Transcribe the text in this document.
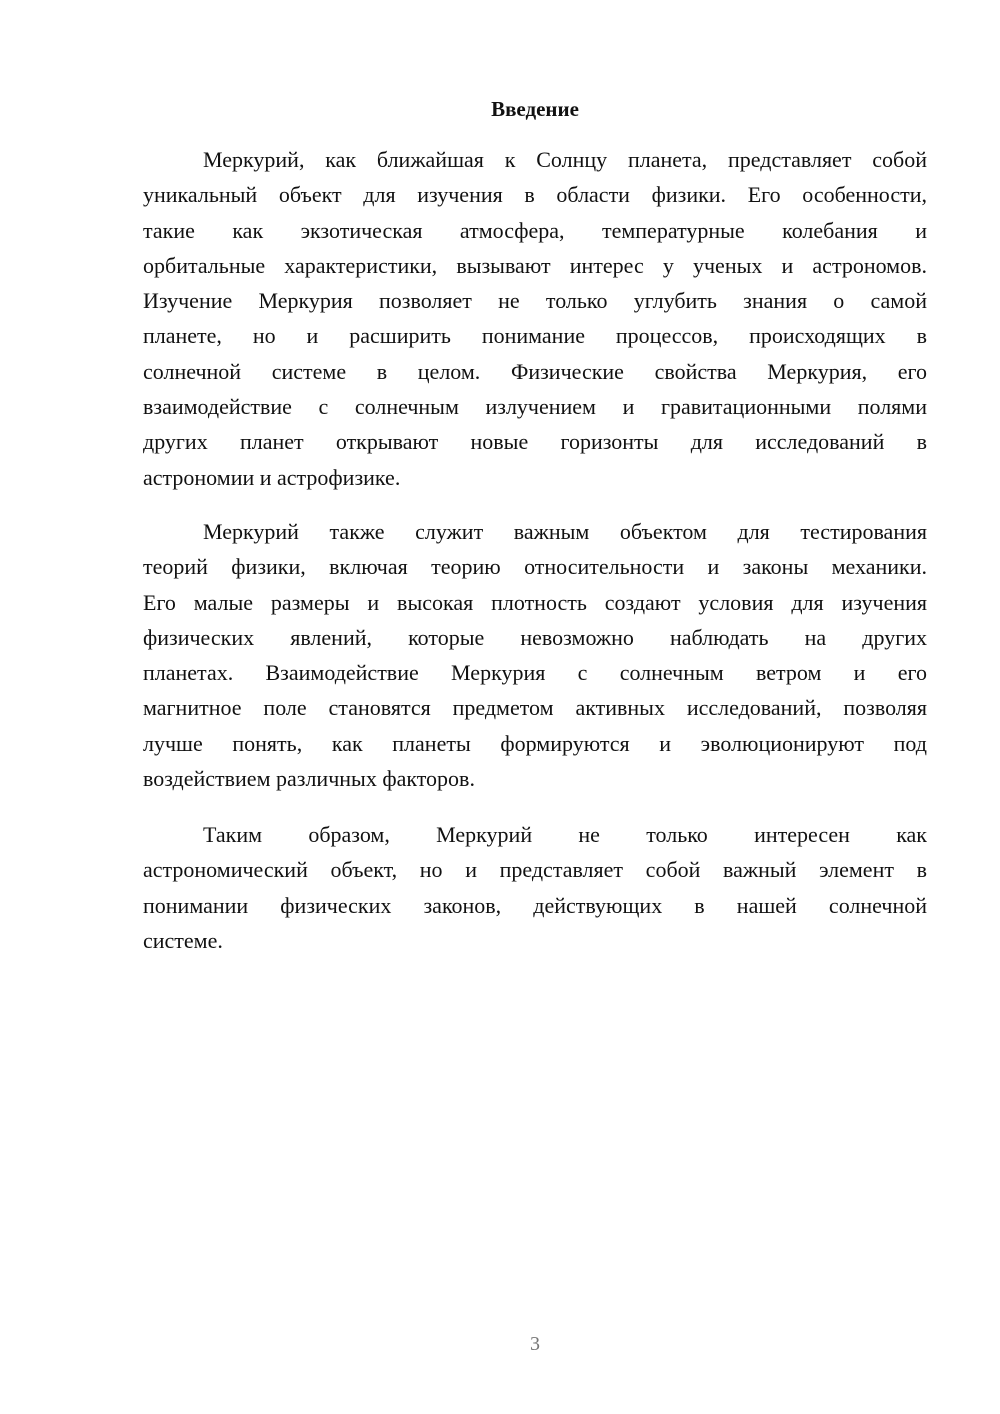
Введение
Меркурий, как ближайшая к Солнцу планета, представляет собой
уникальный объект для изучения в области физики. Его особенности,
такие как экзотическая атмосфера, температурные колебания и
орбитальные характеристики, вызывают интерес у ученых и астрономов.
Изучение Меркурия позволяет не только углубить знания о самой
планете, но и расширить понимание процессов, происходящих в
солнечной системе в целом. Физические свойства Меркурия, его
взаимодействие с солнечным излучением и гравитационными полями
других планет открывают новые горизонты для исследований в
астрономии и астрофизике.
Меркурий также служит важным объектом для тестирования
теорий физики, включая теорию относительности и законы механики.
Его малые размеры и высокая плотность создают условия для изучения
физических явлений, которые невозможно наблюдать на других
планетах. Взаимодействие Меркурия с солнечным ветром и его
магнитное поле становятся предметом активных исследований, позволяя
лучше понять, как планеты формируются и эволюционируют под
воздействием различных факторов.
Таким образом, Меркурий не только интересен как
астрономический объект, но и представляет собой важный элемент в
понимании физических законов, действующих в нашей солнечной
системе.
3
